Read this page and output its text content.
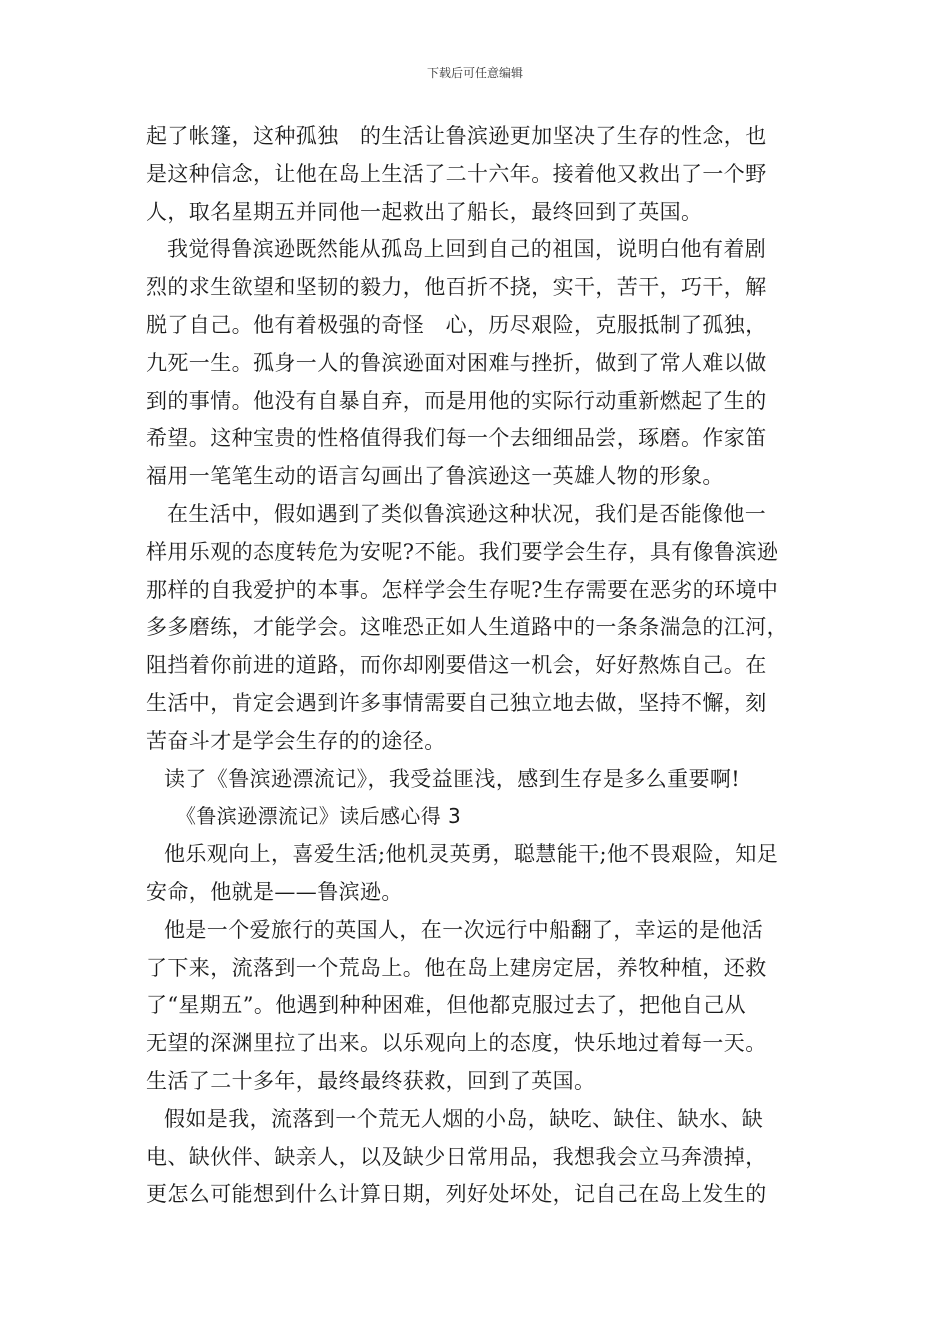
下载后可任意编辑
起了帐篷，这种孤独　的生活让鲁滨逊更加坚决了生存的性念，也
是这种信念，让他在岛上生活了二十六年。接着他又救出了一个野
人，取名星期五并同他一起救出了船长，最终回到了英国。
我觉得鲁滨逊既然能从孤岛上回到自己的祖国，说明白他有着剧
烈的求生欲望和坚韧的毅力，他百折不挠，实干，苦干，巧干，解
脱了自己。他有着极强的奇怪　心，历尽艰险，克服抵制了孤独，
九死一生。孤身一人的鲁滨逊面对困难与挫折，做到了常人难以做
到的事情。他没有自暴自弃，而是用他的实际行动重新燃起了生的
希望。这种宝贵的性格值得我们每一个去细细品尝，琢磨。作家笛
福用一笔笔生动的语言勾画出了鲁滨逊这一英雄人物的形象。
在生活中，假如遇到了类似鲁滨逊这种状况，我们是否能像他一
样用乐观的态度转危为安呢?不能。我们要学会生存，具有像鲁滨逊
那样的自我爱护的本事。怎样学会生存呢?生存需要在恶劣的环境中
多多磨练，才能学会。这唯恐正如人生道路中的一条条湍急的江河，
阻挡着你前进的道路，而你却刚要借这一机会，好好熬炼自己。在
生活中，肯定会遇到许多事情需要自己独立地去做，坚持不懈，刻
苦奋斗才是学会生存的的途径。
读了《鲁滨逊漂流记》，我受益匪浅，感到生存是多么重要啊!
《鲁滨逊漂流记》读后感心得 3
他乐观向上，喜爱生活;他机灵英勇，聪慧能干;他不畏艰险，知足
安命，他就是——鲁滨逊。
他是一个爱旅行的英国人，在一次远行中船翻了，幸运的是他活
了下来，流落到一个荒岛上。他在岛上建房定居，养牧种植，还救
了“星期五”。他遇到种种困难，但他都克服过去了，把他自己从
无望的深渊里拉了出来。以乐观向上的态度，快乐地过着每一天。
生活了二十多年，最终最终获救，回到了英国。
假如是我，流落到一个荒无人烟的小岛，缺吃、缺住、缺水、缺
电、缺伙伴、缺亲人，以及缺少日常用品，我想我会立马奔溃掉，
更怎么可能想到什么计算日期，列好处坏处，记自己在岛上发生的
